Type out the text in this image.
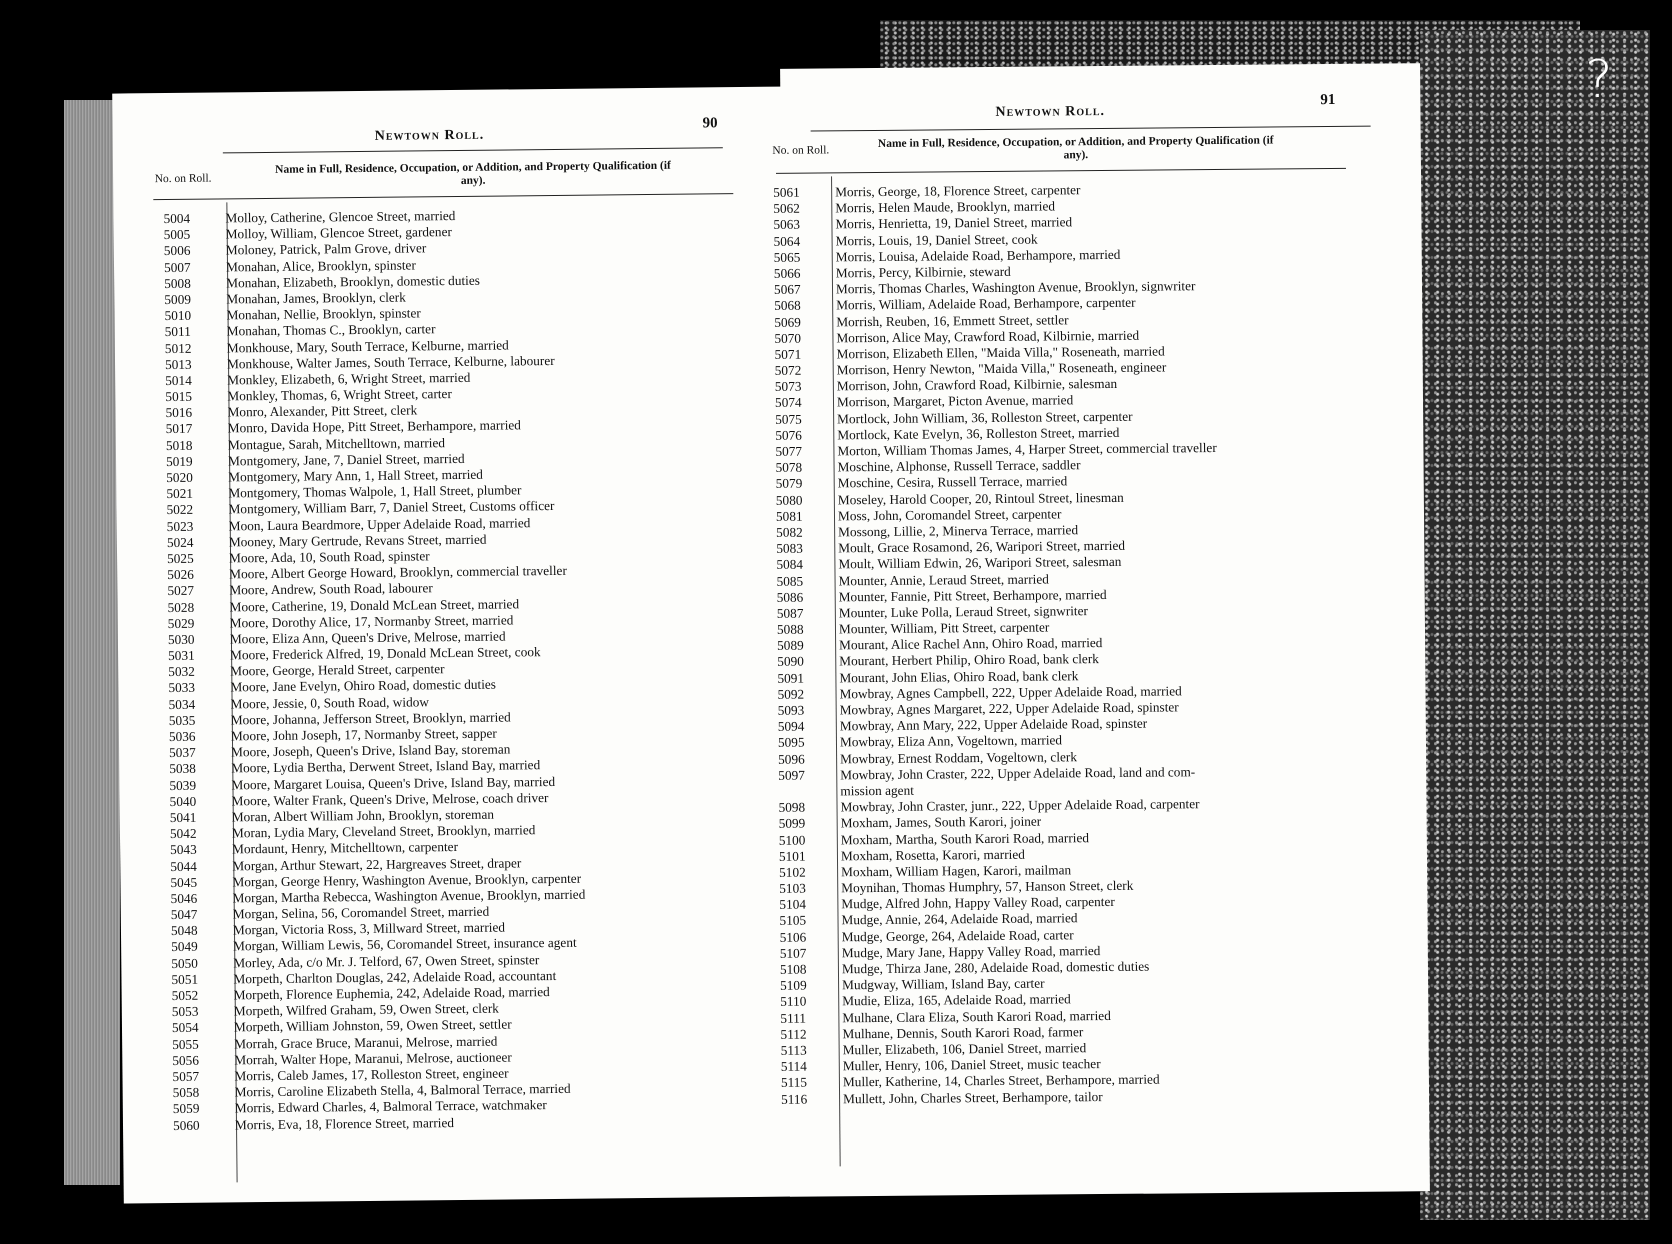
?
Newtown Roll.
90
No. on Roll.
Name in Full, Residence, Occupation, or Addition, and Property Qualification (if any).
5004	Molloy, Catherine, Glencoe Street, married
5005	Molloy, William, Glencoe Street, gardener
5006	Moloney, Patrick, Palm Grove, driver
5007	Monahan, Alice, Brooklyn, spinster
5008	Monahan, Elizabeth, Brooklyn, domestic duties
5009	Monahan, James, Brooklyn, clerk
5010	Monahan, Nellie, Brooklyn, spinster
5011	Monahan, Thomas C., Brooklyn, carter
5012	Monkhouse, Mary, South Terrace, Kelburne, married
5013	Monkhouse, Walter James, South Terrace, Kelburne, labourer
5014	Monkley, Elizabeth, 6, Wright Street, married
5015	Monkley, Thomas, 6, Wright Street, carter
5016	Monro, Alexander, Pitt Street, clerk
5017	Monro, Davida Hope, Pitt Street, Berhampore, married
5018	Montague, Sarah, Mitchelltown, married
5019	Montgomery, Jane, 7, Daniel Street, married
5020	Montgomery, Mary Ann, 1, Hall Street, married
5021	Montgomery, Thomas Walpole, 1, Hall Street, plumber
5022	Montgomery, William Barr, 7, Daniel Street, Customs officer
5023	Moon, Laura Beardmore, Upper Adelaide Road, married
5024	Mooney, Mary Gertrude, Revans Street, married
5025	Moore, Ada, 10, South Road, spinster
5026	Moore, Albert George Howard, Brooklyn, commercial traveller
5027	Moore, Andrew, South Road, labourer
5028	Moore, Catherine, 19, Donald McLean Street, married
5029	Moore, Dorothy Alice, 17, Normanby Street, married
5030	Moore, Eliza Ann, Queen's Drive, Melrose, married
5031	Moore, Frederick Alfred, 19, Donald McLean Street, cook
5032	Moore, George, Herald Street, carpenter
5033	Moore, Jane Evelyn, Ohiro Road, domestic duties
5034	Moore, Jessie, 0, South Road, widow
5035	Moore, Johanna, Jefferson Street, Brooklyn, married
5036	Moore, John Joseph, 17, Normanby Street, sapper
5037	Moore, Joseph, Queen's Drive, Island Bay, storeman
5038	Moore, Lydia Bertha, Derwent Street, Island Bay, married
5039	Moore, Margaret Louisa, Queen's Drive, Island Bay, married
5040	Moore, Walter Frank, Queen's Drive, Melrose, coach driver
5041	Moran, Albert William John, Brooklyn, storeman
5042	Moran, Lydia Mary, Cleveland Street, Brooklyn, married
5043	Mordaunt, Henry, Mitchelltown, carpenter
5044	Morgan, Arthur Stewart, 22, Hargreaves Street, draper
5045	Morgan, George Henry, Washington Avenue, Brooklyn, carpenter
5046	Morgan, Martha Rebecca, Washington Avenue, Brooklyn, married
5047	Morgan, Selina, 56, Coromandel Street, married
5048	Morgan, Victoria Ross, 3, Millward Street, married
5049	Morgan, William Lewis, 56, Coromandel Street, insurance agent
5050	Morley, Ada, c/o Mr. J. Telford, 67, Owen Street, spinster
5051	Morpeth, Charlton Douglas, 242, Adelaide Road, accountant
5052	Morpeth, Florence Euphemia, 242, Adelaide Road, married
5053	Morpeth, Wilfred Graham, 59, Owen Street, clerk
5054	Morpeth, William Johnston, 59, Owen Street, settler
5055	Morrah, Grace Bruce, Maranui, Melrose, married
5056	Morrah, Walter Hope, Maranui, Melrose, auctioneer
5057	Morris, Caleb James, 17, Rolleston Street, engineer
5058	Morris, Caroline Elizabeth Stella, 4, Balmoral Terrace, married
5059	Morris, Edward Charles, 4, Balmoral Terrace, watchmaker
5060	Morris, Eva, 18, Florence Street, married
Newtown Roll.
91
No. on Roll.
Name in Full, Residence, Occupation, or Addition, and Property Qualification (if any).
5061	Morris, George, 18, Florence Street, carpenter
5062	Morris, Helen Maude, Brooklyn, married
5063	Morris, Henrietta, 19, Daniel Street, married
5064	Morris, Louis, 19, Daniel Street, cook
5065	Morris, Louisa, Adelaide Road, Berhampore, married
5066	Morris, Percy, Kilbirnie, steward
5067	Morris, Thomas Charles, Washington Avenue, Brooklyn, signwriter
5068	Morris, William, Adelaide Road, Berhampore, carpenter
5069	Morrish, Reuben, 16, Emmett Street, settler
5070	Morrison, Alice May, Crawford Road, Kilbirnie, married
5071	Morrison, Elizabeth Ellen, "Maida Villa," Roseneath, married
5072	Morrison, Henry Newton, "Maida Villa," Roseneath, engineer
5073	Morrison, John, Crawford Road, Kilbirnie, salesman
5074	Morrison, Margaret, Picton Avenue, married
5075	Mortlock, John William, 36, Rolleston Street, carpenter
5076	Mortlock, Kate Evelyn, 36, Rolleston Street, married
5077	Morton, William Thomas James, 4, Harper Street, commercial traveller
5078	Moschine, Alphonse, Russell Terrace, saddler
5079	Moschine, Cesira, Russell Terrace, married
5080	Moseley, Harold Cooper, 20, Rintoul Street, linesman
5081	Moss, John, Coromandel Street, carpenter
5082	Mossong, Lillie, 2, Minerva Terrace, married
5083	Moult, Grace Rosamond, 26, Waripori Street, married
5084	Moult, William Edwin, 26, Waripori Street, salesman
5085	Mounter, Annie, Leraud Street, married
5086	Mounter, Fannie, Pitt Street, Berhampore, married
5087	Mounter, Luke Polla, Leraud Street, signwriter
5088	Mounter, William, Pitt Street, carpenter
5089	Mourant, Alice Rachel Ann, Ohiro Road, married
5090	Mourant, Herbert Philip, Ohiro Road, bank clerk
5091	Mourant, John Elias, Ohiro Road, bank clerk
5092	Mowbray, Agnes Campbell, 222, Upper Adelaide Road, married
5093	Mowbray, Agnes Margaret, 222, Upper Adelaide Road, spinster
5094	Mowbray, Ann Mary, 222, Upper Adelaide Road, spinster
5095	Mowbray, Eliza Ann, Vogeltown, married
5096	Mowbray, Ernest Roddam, Vogeltown, clerk
5097	Mowbray, John Craster, 222, Upper Adelaide Road, land and com-
mission agent
5098	Mowbray, John Craster, junr., 222, Upper Adelaide Road, carpenter
5099	Moxham, James, South Karori, joiner
5100	Moxham, Martha, South Karori Road, married
5101	Moxham, Rosetta, Karori, married
5102	Moxham, William Hagen, Karori, mailman
5103	Moynihan, Thomas Humphry, 57, Hanson Street, clerk
5104	Mudge, Alfred John, Happy Valley Road, carpenter
5105	Mudge, Annie, 264, Adelaide Road, married
5106	Mudge, George, 264, Adelaide Road, carter
5107	Mudge, Mary Jane, Happy Valley Road, married
5108	Mudge, Thirza Jane, 280, Adelaide Road, domestic duties
5109	Mudgway, William, Island Bay, carter
5110	Mudie, Eliza, 165, Adelaide Road, married
5111	Mulhane, Clara Eliza, South Karori Road, married
5112	Mulhane, Dennis, South Karori Road, farmer
5113	Muller, Elizabeth, 106, Daniel Street, married
5114	Muller, Henry, 106, Daniel Street, music teacher
5115	Muller, Katherine, 14, Charles Street, Berhampore, married
5116	Mullett, John, Charles Street, Berhampore, tailor
